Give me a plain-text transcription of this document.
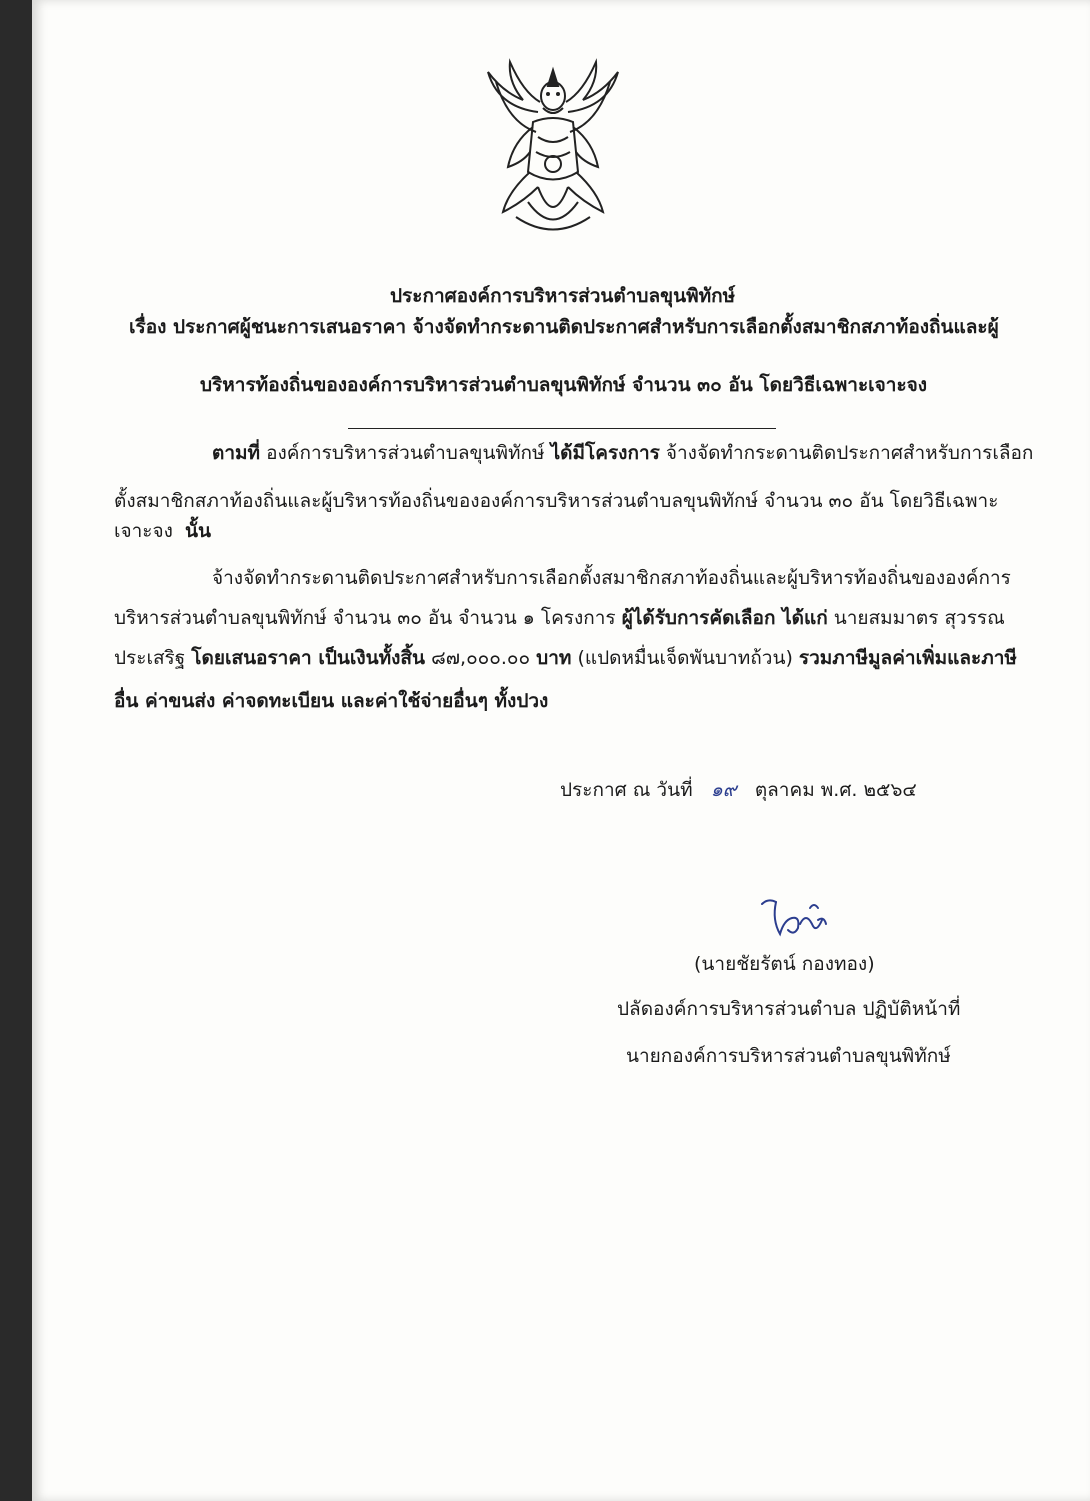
ประกาศองค์การบริหารส่วนตำบลขุนพิทักษ์
เรื่อง ประกาศผู้ชนะการเสนอราคา จ้างจัดทำกระดานติดประกาศสำหรับการเลือกตั้งสมาชิกสภาท้องถิ่นและผู้
บริหารท้องถิ่นขององค์การบริหารส่วนตำบลขุนพิทักษ์ จำนวน ๓๐ อัน โดยวิธีเฉพาะเจาะจง
ตามที่ องค์การบริหารส่วนตำบลขุนพิทักษ์ ได้มีโครงการ จ้างจัดทำกระดานติดประกาศสำหรับการเลือก
ตั้งสมาชิกสภาท้องถิ่นและผู้บริหารท้องถิ่นขององค์การบริหารส่วนตำบลขุนพิทักษ์ จำนวน ๓๐ อัน โดยวิธีเฉพาะ
เจาะจง นั้น
จ้างจัดทำกระดานติดประกาศสำหรับการเลือกตั้งสมาชิกสภาท้องถิ่นและผู้บริหารท้องถิ่นขององค์การ
บริหารส่วนตำบลขุนพิทักษ์ จำนวน ๓๐ อัน จำนวน ๑ โครงการ ผู้ได้รับการคัดเลือก ได้แก่ นายสมมาตร สุวรรณ
ประเสริฐ โดยเสนอราคา เป็นเงินทั้งสิ้น ๘๗,๐๐๐.๐๐ บาท (แปดหมื่นเจ็ดพันบาทถ้วน) รวมภาษีมูลค่าเพิ่มและภาษี
อื่น ค่าขนส่ง ค่าจดทะเบียน และค่าใช้จ่ายอื่นๆ ทั้งปวง
ประกาศ ณ วันที่ ๑๙ ตุลาคม พ.ศ. ๒๕๖๔
(นายชัยรัตน์ กองทอง)
ปลัดองค์การบริหารส่วนตำบล ปฏิบัติหน้าที่
นายกองค์การบริหารส่วนตำบลขุนพิทักษ์
